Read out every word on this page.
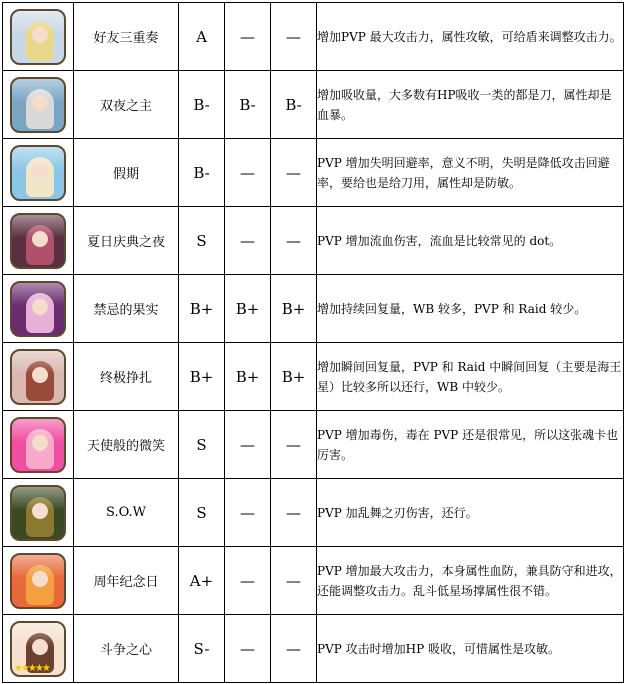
	好友三重奏	A	—	—	增加PVP 最大攻击力，属性攻敏，可给盾来调整攻击力。

	双夜之主	B-	B-	B-	增加吸收量，大多数有HP吸收一类的都是刀，属性却是血暴。

	假期	B-	—	—	PVP 增加失明回避率，意义不明，失明是降低攻击回避率，要给也是给刀用，属性却是防敏。

	夏日庆典之夜	S	—	—	PVP 增加流血伤害，流血是比较常见的 dot。

	禁忌的果实	B+	B+	B+	增加持续回复量，WB 较多，PVP 和 Raid 较少。

	终极挣扎	B+	B+	B+	增加瞬间回复量，PVP 和 Raid 中瞬间回复（主要是海王星）比较多所以还行，WB 中较少。

	天使般的微笑	S	—	—	PVP 增加毒伤，毒在 PVP 还是很常见，所以这张魂卡也厉害。

	S.O.W	S	—	—	PVP 加乱舞之刃伤害，还行。

	周年纪念日	A+	—	—	PVP 增加最大攻击力，本身属性血防，兼具防守和进攻，还能调整攻击力。乱斗低星场撑属性很不错。

★★★★★	斗争之心	S-	—	—	PVP 攻击时增加HP 吸收，可惜属性是攻敏。
